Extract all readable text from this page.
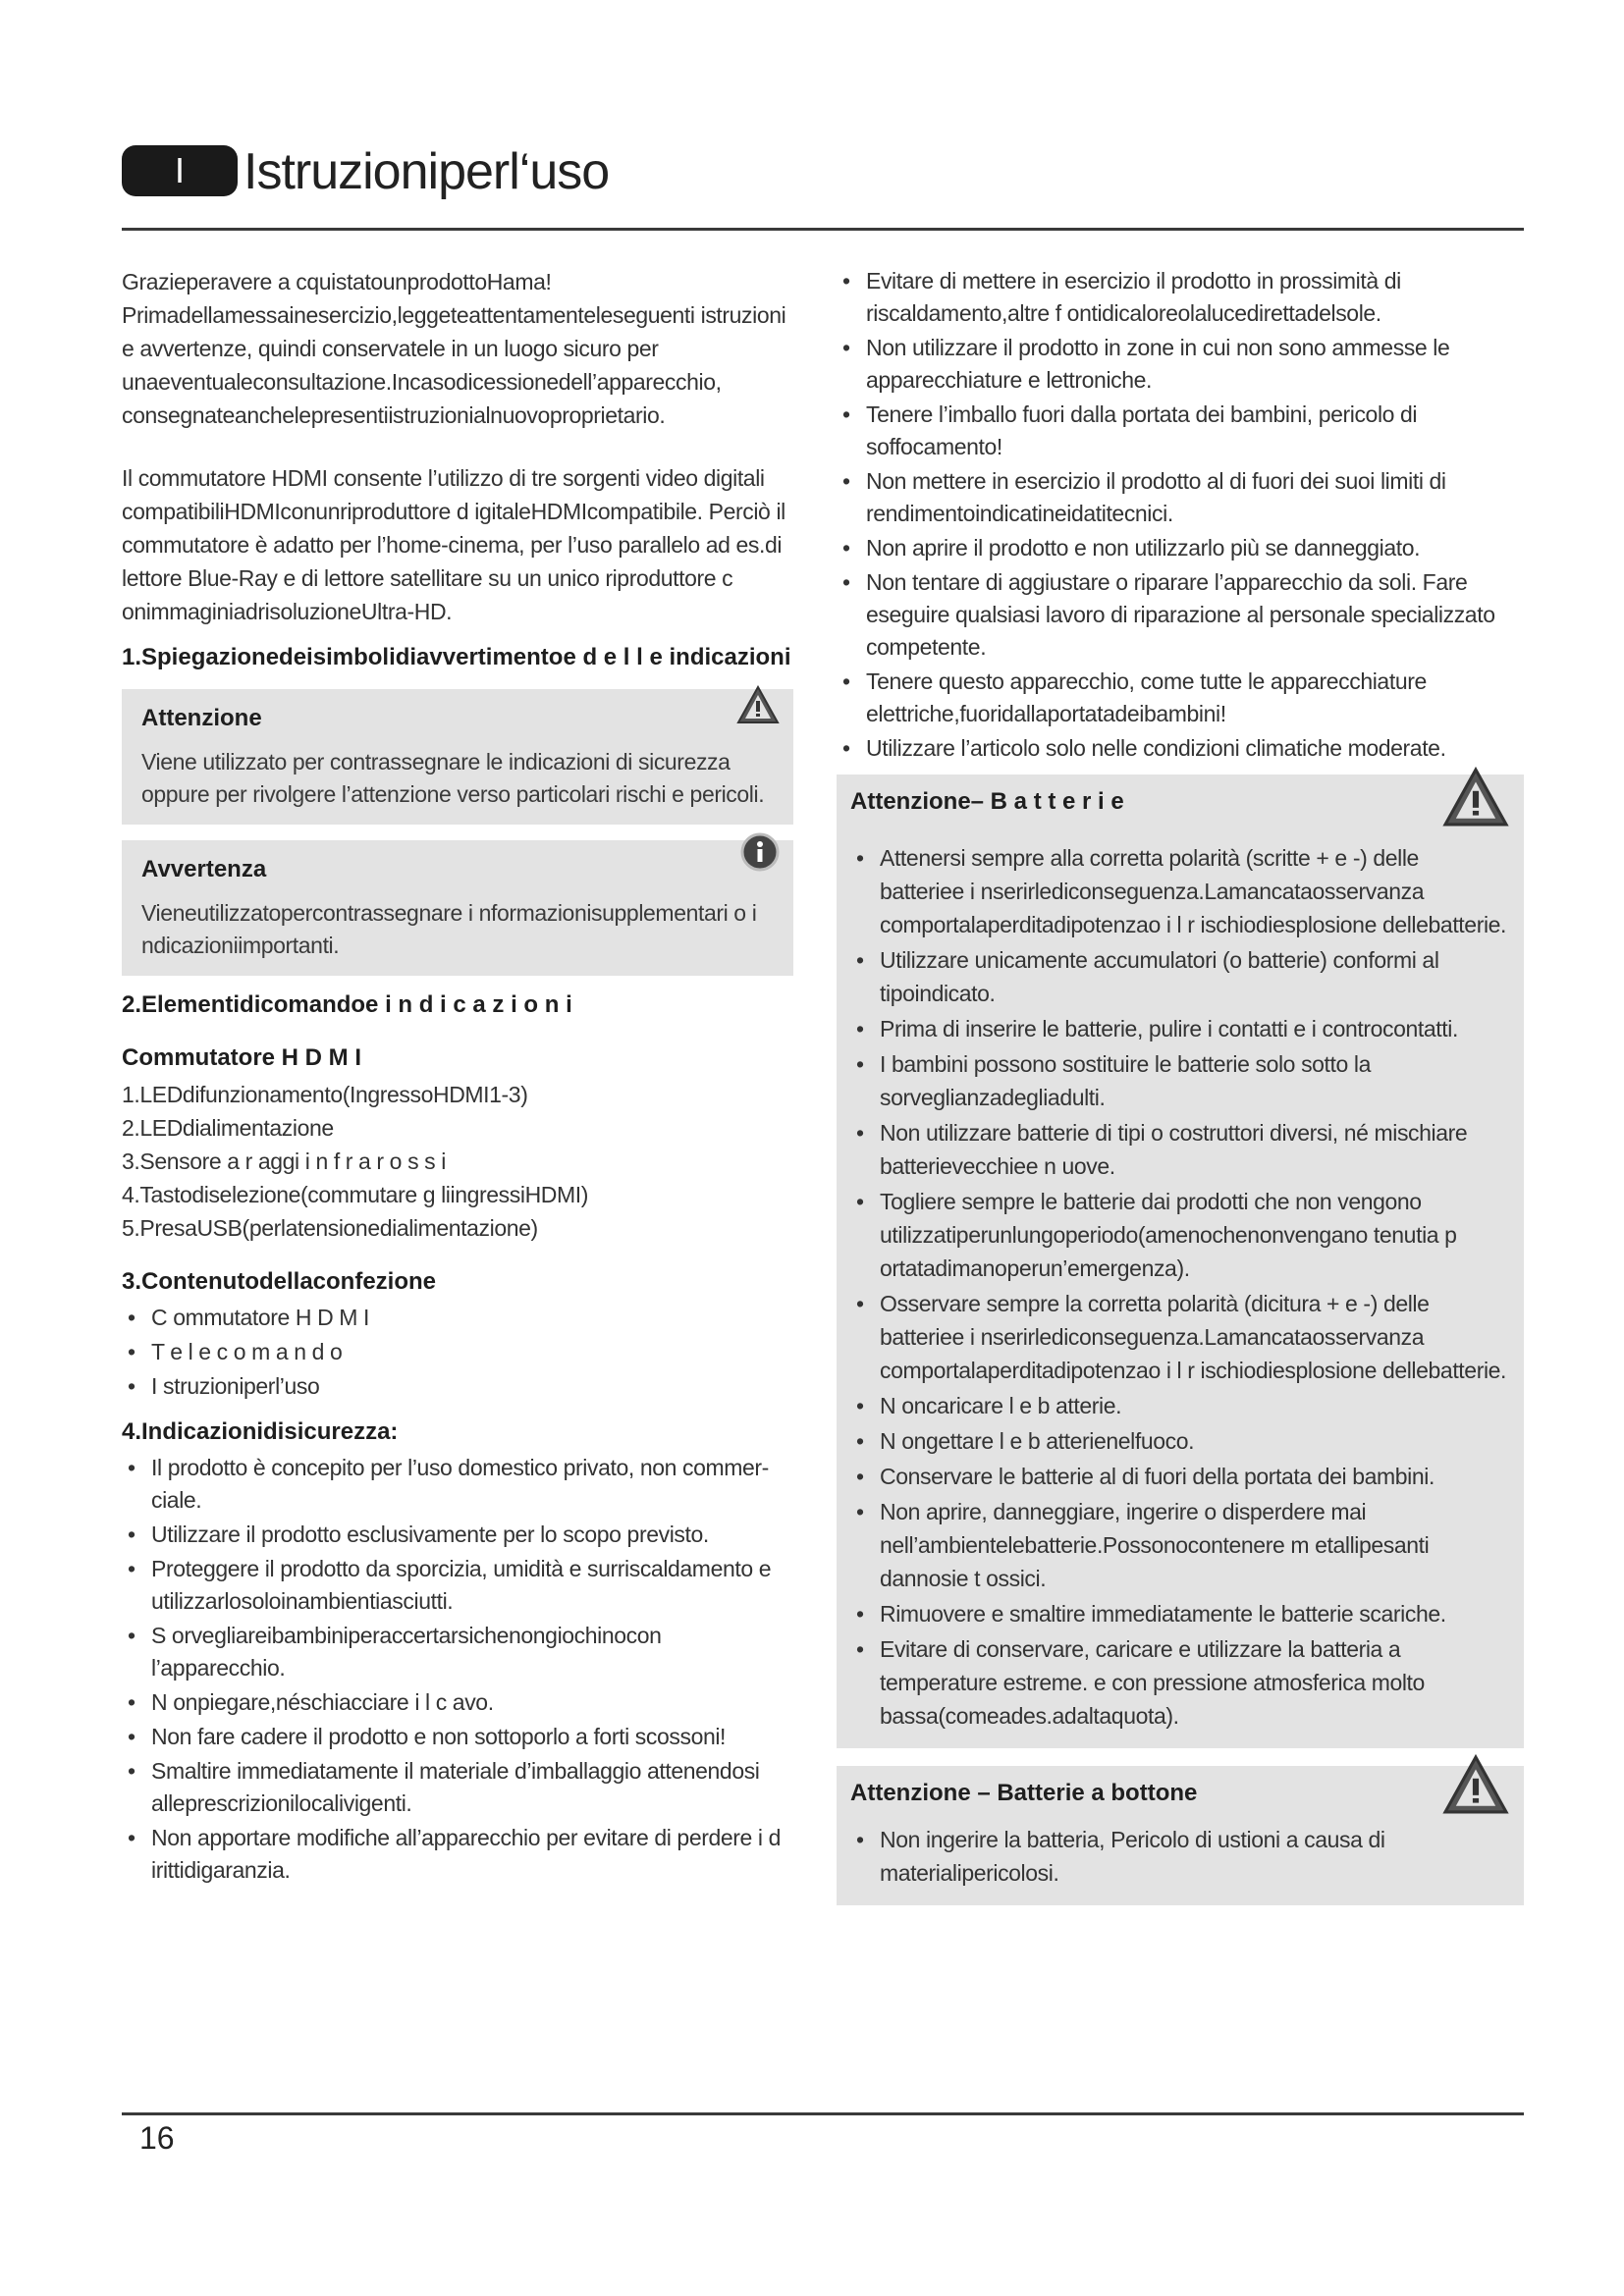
I	Istruzioniperl‘uso
Grazieperavere a cquistatounprodottoHama!
Primadellamessainesercizio,leggeteattentamenteleseguenti istruzioni e avvertenze, quindi conservatele in un luogo sicuro per unaeventualeconsultazione.Incasodicessionedell’apparecchio, consegnateanchelepresentiistruzionialnuovoproprietario.
Il commutatore HDMI consente l’utilizzo di tre sorgenti video digitali compatibiliHDMIconunriproduttore d igitaleHDMIcompatibile. Perciò il commutatore è adatto per l’home-cinema, per l’uso parallelo ad es.di lettore Blue-Ray e di lettore satellitare su un unico riproduttore c onimmaginiadrisoluzioneUltra-HD.
1.Spiegazionedeisimbolidiavvertimentoe d e l l e indicazioni
Attenzione
Viene utilizzato per contrassegnare le indicazioni di sicurezza oppure per rivolgere l’attenzione verso particolari rischi e pericoli.
Avvertenza
Vieneutilizzatopercontrassegnare i nformazionisupplementari o i ndicazioniimportanti.
2.Elementidicomandoe i n d i c a z i o n i
Commutatore H D M I
1.LEDdifunzionamento(IngressoHDMI1-3)
2.LEDdialimentazione
3.Sensore a r aggi i n f r a r o s s i
4.Tastodiselezione(commutare g liingressiHDMI)
5.PresaUSB(perlatensionedialimentazione)
3.Contenutodellaconfezione
• C ommutatore H D M I
• T e l e c o m a n d o
• I struzioniperl’uso
4.Indicazionidisicurezza:
• Il prodotto è concepito per l’uso domestico privato, non commer-ciale.
• Utilizzare il prodotto esclusivamente per lo scopo previsto.
• Proteggere il prodotto da sporcizia, umidità e surriscaldamento e utilizzarlosoloinambientiasciutti.
• S orvegliareibambiniperaccertarsichenongiochinocon l’apparecchio.
• N onpiegare,néschiacciare i l c avo.
• Non fare cadere il prodotto e non sottoporlo a forti scossoni!
• Smaltire immediatamente il materiale d’imballaggio attenendosi alleprescrizionilocalivigenti.
• Non apportare modifiche all’apparecchio per evitare di perdere i d irittidigaranzia.
• Evitare di mettere in esercizio il prodotto in prossimità di riscaldamento,altre f ontidicaloreolalucedirettadelsole.
• Non utilizzare il prodotto in zone in cui non sono ammesse le apparecchiature e lettroniche.
• Tenere l’imballo fuori dalla portata dei bambini, pericolo di soffocamento!
• Non mettere in esercizio il prodotto al di fuori dei suoi limiti di rendimentoindicatineidatitecnici.
• Non aprire il prodotto e non utilizzarlo più se danneggiato.
• Non tentare di aggiustare o riparare l’apparecchio da soli. Fare eseguire qualsiasi lavoro di riparazione al personale specializzato competente.
• Tenere questo apparecchio, come tutte le apparecchiature elettriche,fuoridallaportatadeibambini!
• Utilizzare l’articolo solo nelle condizioni climatiche moderate.
Attenzione– B a t t e r i e
• Attenersi sempre alla corretta polarità (scritte + e -) delle batteriee i nserirlediconseguenza.Lamancataosservanza comportalaperditadipotenzao i l r ischiodiesplosione dellebatterie.
• Utilizzare unicamente accumulatori (o batterie) conformi al tipoindicato.
• Prima di inserire le batterie, pulire i contatti e i controcontatti.
• I bambini possono sostituire le batterie solo sotto la sorveglianzadegliadulti.
• Non utilizzare batterie di tipi o costruttori diversi, né mischiare batterievecchiee n uove.
• Togliere sempre le batterie dai prodotti che non vengono utilizzatiperunlungoperiodo(amenochenonvengano tenutia p ortatadimanoperun’emergenza).
• Osservare sempre la corretta polarità (dicitura + e -) delle batteriee i nserirlediconseguenza.Lamancataosservanza comportalaperditadipotenzao i l r ischiodiesplosione dellebatterie.
• N oncaricare l e b atterie.
• N ongettare l e b atterienelfuoco.
• Conservare le batterie al di fuori della portata dei bambini.
• Non aprire, danneggiare, ingerire o disperdere mai nell’ambientelebatterie.Possonocontenere m etallipesanti dannosie t ossici.
• Rimuovere e smaltire immediatamente le batterie scariche.
• Evitare di conservare, caricare e utilizzare la batteria a temperature estreme. e con pressione atmosferica molto bassa(comeades.adaltaquota).
Attenzione – Batterie a bottone
• Non ingerire la batteria, Pericolo di ustioni a causa di materialipericolosi.
16
